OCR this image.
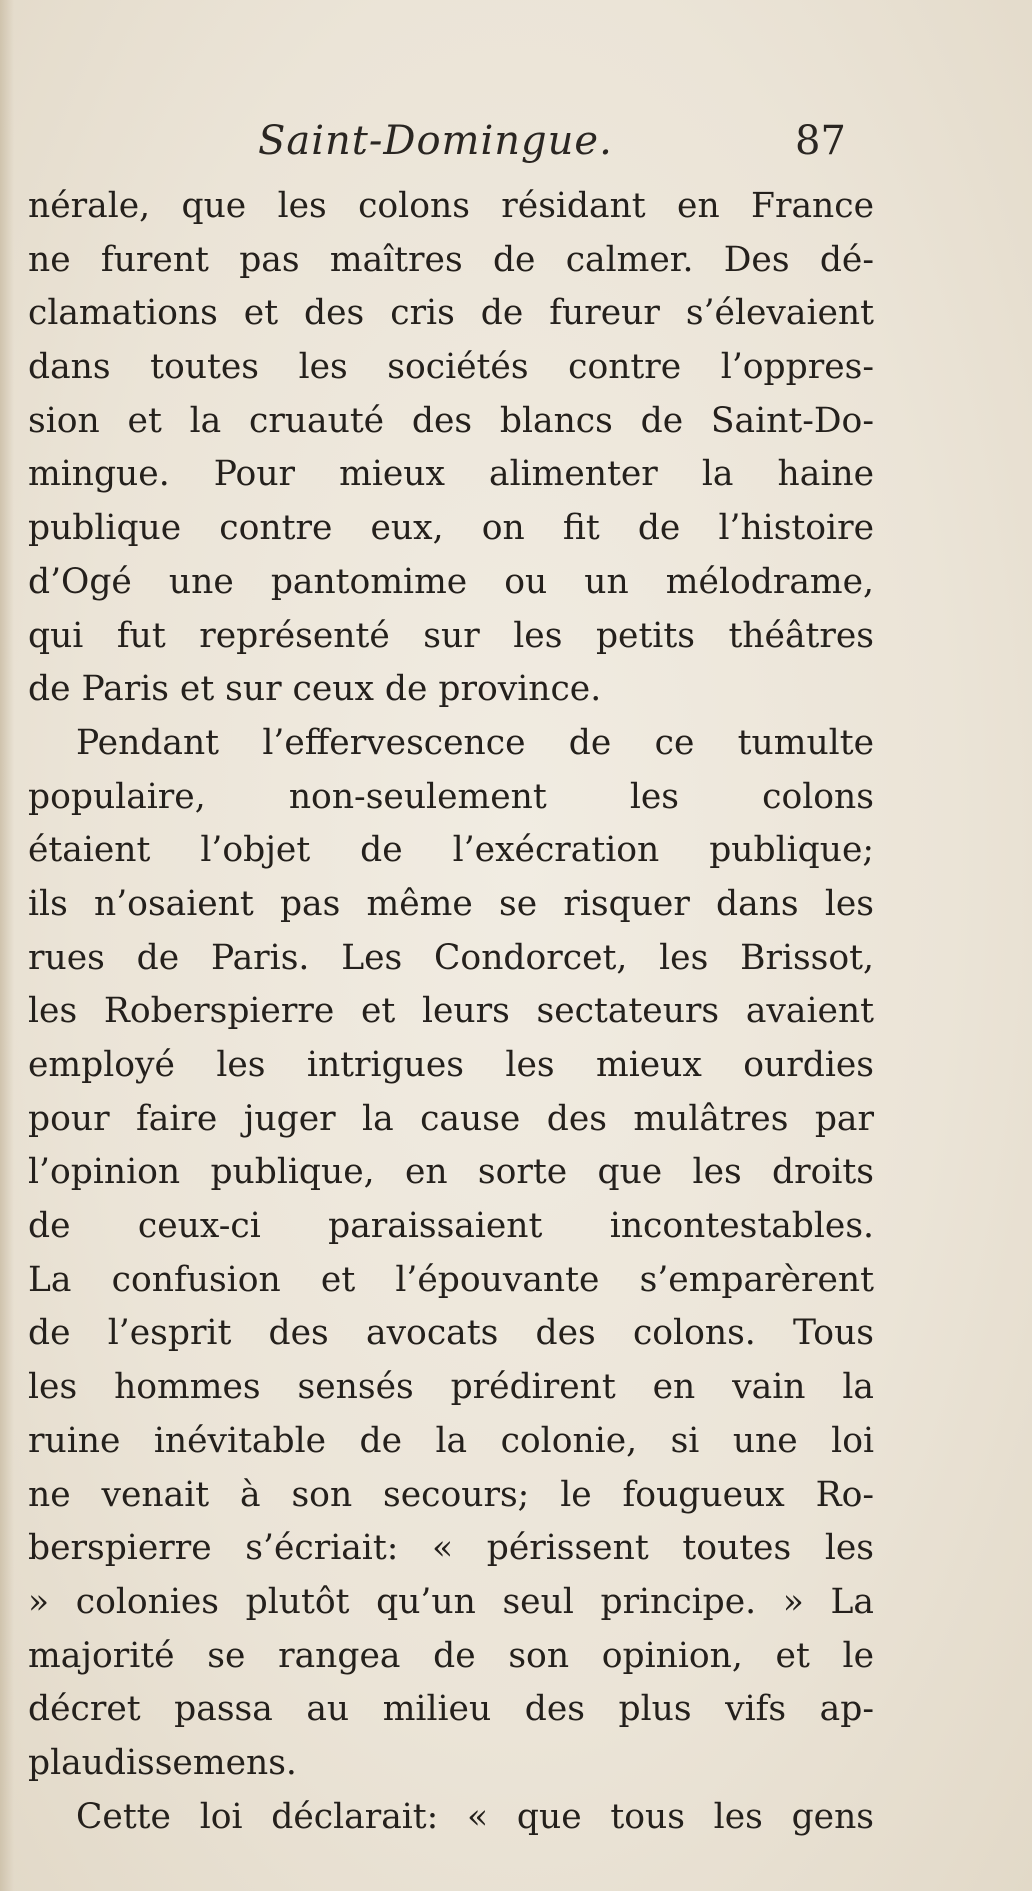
Saint-Domingue.	87
nérale, que les colons résidant en France
ne furent pas maîtres de calmer. Des dé-
clamations et des cris de fureur s’élevaient
dans toutes les sociétés contre l’oppres-
sion et la cruauté des blancs de Saint-Do-
mingue. Pour mieux alimenter la haine
publique contre eux, on fit de l’histoire
d’Ogé une pantomime ou un mélodrame,
qui fut représenté sur les petits théâtres
de Paris et sur ceux de province.
Pendant l’effervescence de ce tumulte
populaire, non-seulement les colons
étaient l’objet de l’exécration publique;
ils n’osaient pas même se risquer dans les
rues de Paris. Les Condorcet, les Brissot,
les Roberspierre et leurs sectateurs avaient
employé les intrigues les mieux ourdies
pour faire juger la cause des mulâtres par
l’opinion publique, en sorte que les droits
de ceux-ci paraissaient incontestables.
La confusion et l’épouvante s’emparèrent
de l’esprit des avocats des colons. Tous
les hommes sensés prédirent en vain la
ruine inévitable de la colonie, si une loi
ne venait à son secours; le fougueux Ro-
berspierre s’écriait: « périssent toutes les
» colonies plutôt qu’un seul principe. » La
majorité se rangea de son opinion, et le
décret passa au milieu des plus vifs ap-
plaudissemens.
Cette loi déclarait: « que tous les gens
